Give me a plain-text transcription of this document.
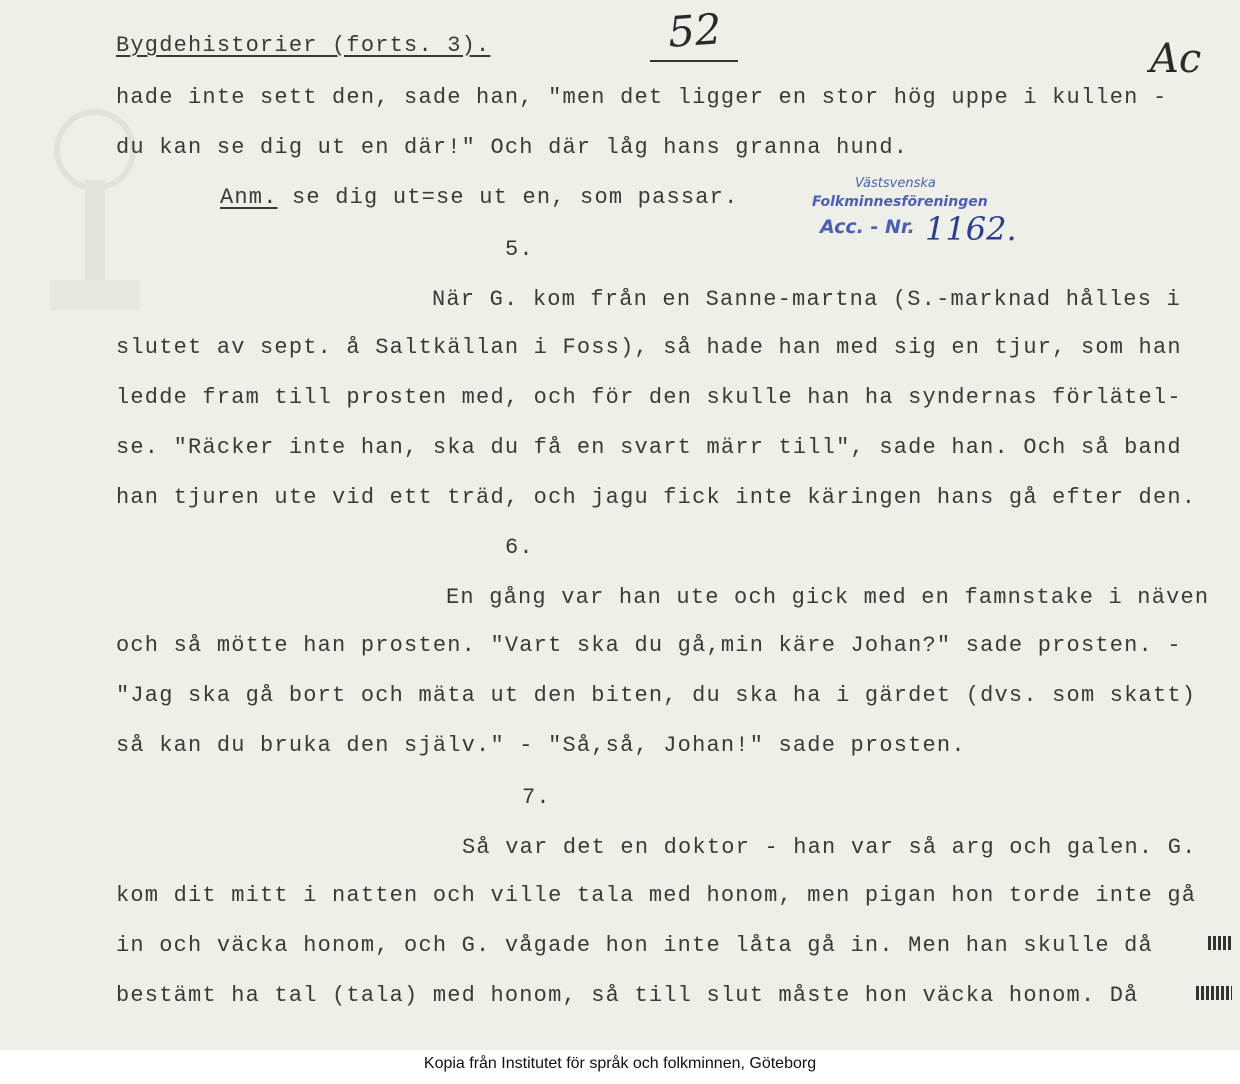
Bygdehistorier (forts. 3).	52
Ac
Västsvenska
Folkminnesföreningen
Acc. - Nr. 1162.
hade inte sett den, sade han, "men det ligger en stor hög uppe i kullen -
du kan se dig ut en där!" Och där låg hans granna hund.
Anm. se dig ut=se ut en, som passar.
5.
När G. kom från en Sanne-martna (S.-marknad hålles i
slutet av sept. å Saltkällan i Foss), så hade han med sig en tjur, som han
ledde fram till prosten med, och för den skulle han ha syndernas förlätel-
se. "Räcker inte han, ska du få en svart märr till", sade han. Och så band
han tjuren ute vid ett träd, och jagu fick inte käringen hans gå efter den.
6.
En gång var han ute och gick med en famnstake i näven
och så mötte han prosten. "Vart ska du gå,min käre Johan?" sade prosten. -
"Jag ska gå bort och mäta ut den biten, du ska ha i gärdet (dvs. som skatt)
så kan du bruka den själv." - "Så,så, Johan!" sade prosten.
7.
Så var det en doktor - han var så arg och galen. G.
kom dit mitt i natten och ville tala med honom, men pigan hon torde inte gå
in och väcka honom, och G. vågade hon inte låta gå in. Men han skulle då
bestämt ha tal (tala) med honom, så till slut måste hon väcka honom. Då
Kopia från Institutet för språk och folkminnen, Göteborg
